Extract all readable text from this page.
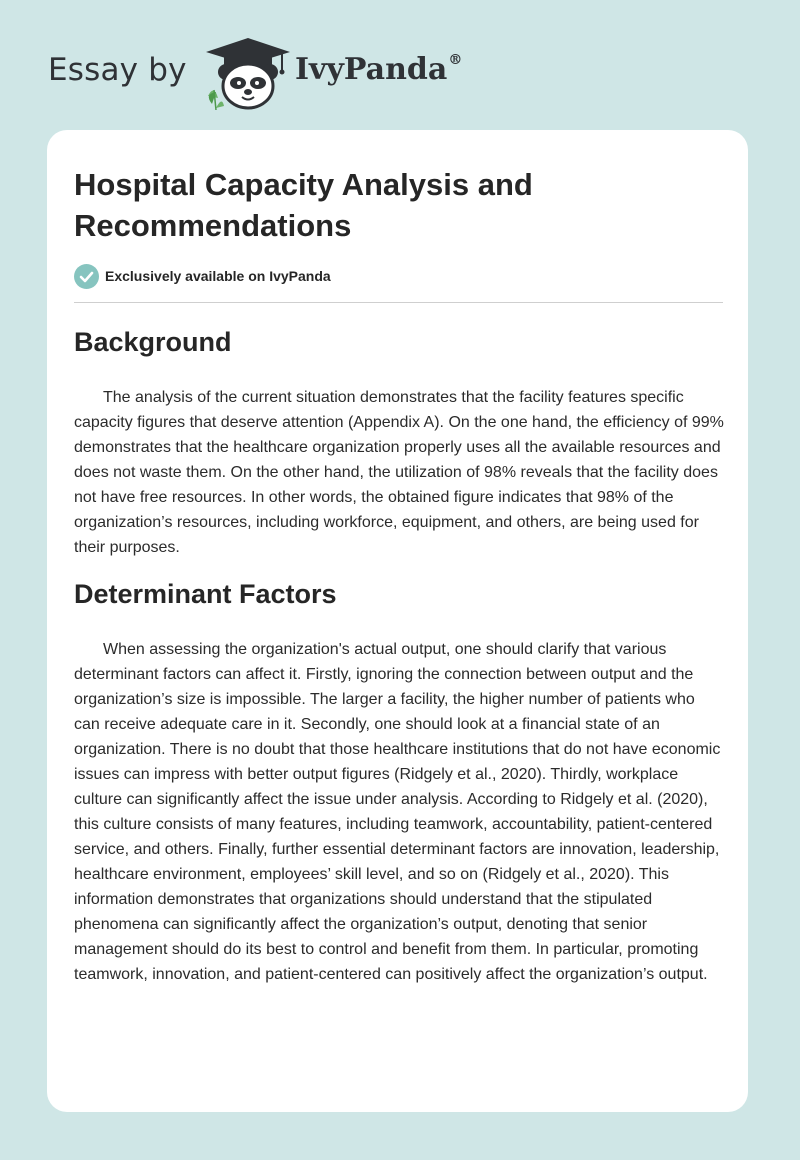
Essay by	IvyPanda®
Hospital Capacity Analysis and Recommendations
Exclusively available on IvyPanda
Background

The analysis of the current situation demonstrates that the facility features specific capacity figures that deserve attention (Appendix A). On the one hand, the efficiency of 99% demonstrates that the healthcare organization properly uses all the available resources and does not waste them. On the other hand, the utilization of 98% reveals that the facility does not have free resources. In other words, the obtained figure indicates that 98% of the organization’s resources, including workforce, equipment, and others, are being used for their purposes.

Determinant Factors

When assessing the organization's actual output, one should clarify that various determinant factors can affect it. Firstly, ignoring the connection between output and the organization’s size is impossible. The larger a facility, the higher number of patients who can receive adequate care in it. Secondly, one should look at a financial state of an organization. There is no doubt that those healthcare institutions that do not have economic issues can impress with better output figures (Ridgely et al., 2020). Thirdly, workplace culture can significantly affect the issue under analysis. According to Ridgely et al. (2020), this culture consists of many features, including teamwork, accountability, patient-centered service, and others. Finally, further essential determinant factors are innovation, leadership, healthcare environment, employees’ skill level, and so on (Ridgely et al., 2020). This information demonstrates that organizations should understand that the stipulated phenomena can significantly affect the organization’s output, denoting that senior management should do its best to control and benefit from them. In particular, promoting teamwork, innovation, and patient-centered can positively affect the organization’s output.
